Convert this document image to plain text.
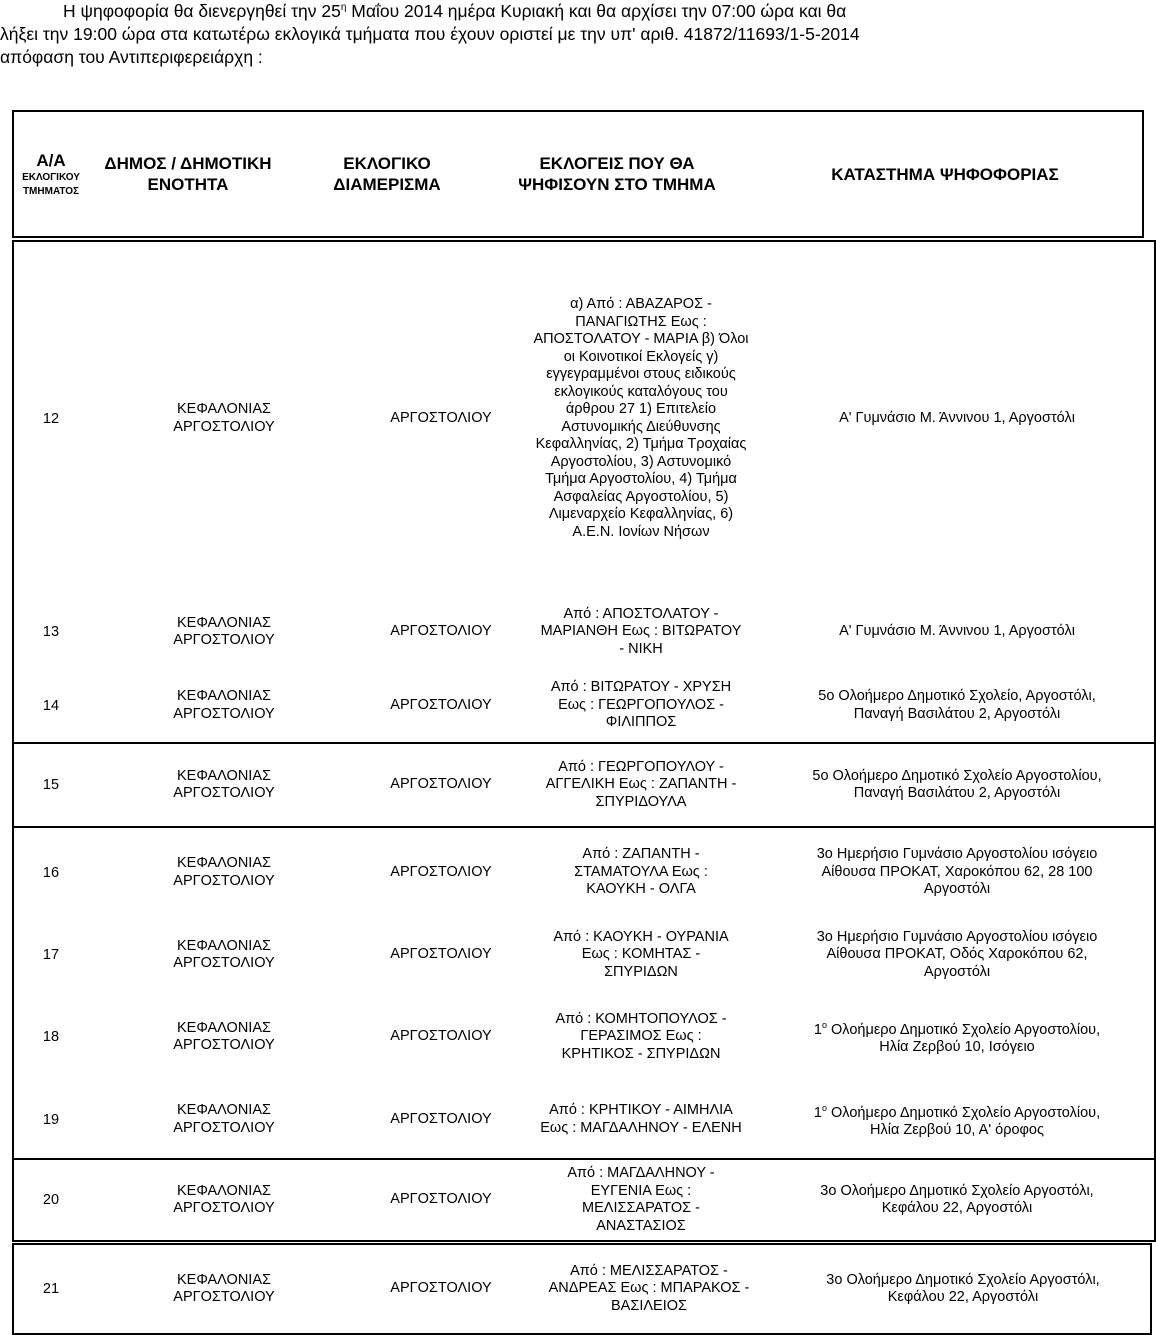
Η ψηφοφορία θα διενεργηθεί την $25^\eta$ Μαΐου 2014 ημέρα Κυριακή και θα αρχίσει την 07:00 ώρα και θα
λήξει την 19:00 ώρα στα κατωτέρω εκλογικά τμήματα που έχουν οριστεί με την υπ' αριθ. 41872/11693/1-5-2014
απόφαση του Αντιπεριφερειάρχη :
Α/Α
ΕΚΛΟΓΙΚΟΥ ΤΜΗΜΑΤΟΣ
	ΔΗΜΟΣ / ΔΗΜΟΤΙΚΗ ΕΝΟΤΗΤΑ	ΕΚΛΟΓΙΚΟ ΔΙΑΜΕΡΙΣΜΑ	ΕΚΛΟΓΕΙΣ ΠΟΥ ΘΑ ΨΗΦΙΣΟΥΝ ΣΤΟ ΤΜΗΜΑ	ΚΑΤΑΣΤΗΜΑ ΨΗΦΟΦΟΡΙΑΣ
12	ΚΕΦΑΛΟΝΙΑΣ ΑΡΓΟΣΤΟΛΙΟΥ	ΑΡΓΟΣΤΟΛΙΟΥ	α) Από : ΑΒΑΖΑΡΟΣ - ΠΑΝΑΓΙΩΤΗΣ Εως : ΑΠΟΣΤΟΛΑΤΟΥ - ΜΑΡΙΑ β) Όλοι οι Κοινοτικοί Εκλογείς γ) εγγεγραμμένοι στους ειδικούς εκλογικούς καταλόγους του άρθρου 27 1) Επιτελείο Αστυνομικής Διεύθυνσης Κεφαλληνίας, 2) Τμήμα Τροχαίας Αργοστολίου, 3) Αστυνομικό Τμήμα Αργοστολίου, 4) Τμήμα Ασφαλείας Αργοστολίου, 5) Λιμεναρχείο Κεφαλληνίας, 6) Α.Ε.Ν. Ιονίων Νήσων	Α' Γυμνάσιο Μ. Άννινου 1, Αργοστόλι
13	ΚΕΦΑΛΟΝΙΑΣ ΑΡΓΟΣΤΟΛΙΟΥ	ΑΡΓΟΣΤΟΛΙΟΥ	Από : ΑΠΟΣΤΟΛΑΤΟΥ - ΜΑΡΙΑΝΘΗ Εως : ΒΙΤΩΡΑΤΟΥ - ΝΙΚΗ	Α' Γυμνάσιο Μ. Άννινου 1, Αργοστόλι
14	ΚΕΦΑΛΟΝΙΑΣ ΑΡΓΟΣΤΟΛΙΟΥ	ΑΡΓΟΣΤΟΛΙΟΥ	Από : ΒΙΤΩΡΑΤΟΥ - ΧΡΥΣΗ Εως : ΓΕΩΡΓΟΠΟΥΛΟΣ - ΦΙΛΙΠΠΟΣ	5ο Ολοήμερο Δημοτικό Σχολείο, Αργοστόλι, Παναγή Βασιλάτου 2, Αργοστόλι
15	ΚΕΦΑΛΟΝΙΑΣ ΑΡΓΟΣΤΟΛΙΟΥ	ΑΡΓΟΣΤΟΛΙΟΥ	Από : ΓΕΩΡΓΟΠΟΥΛΟΥ - ΑΓΓΕΛΙΚΗ Εως : ΖΑΠΑΝΤΗ - ΣΠΥΡΙΔΟΥΛΑ	5ο Ολοήμερο Δημοτικό Σχολείο Αργοστολίου, Παναγή Βασιλάτου 2, Αργοστόλι
16	ΚΕΦΑΛΟΝΙΑΣ ΑΡΓΟΣΤΟΛΙΟΥ	ΑΡΓΟΣΤΟΛΙΟΥ	Από : ΖΑΠΑΝΤΗ - ΣΤΑΜΑΤΟΥΛΑ Εως : ΚΑΟΥΚΗ - ΟΛΓΑ	3ο Ημερήσιο Γυμνάσιο Αργοστολίου ισόγειο Αίθουσα ΠΡΟΚΑΤ, Χαροκόπου 62, 28 100 Αργοστόλι
17	ΚΕΦΑΛΟΝΙΑΣ ΑΡΓΟΣΤΟΛΙΟΥ	ΑΡΓΟΣΤΟΛΙΟΥ	Από : ΚΑΟΥΚΗ - ΟΥΡΑΝΙΑ Εως : ΚΟΜΗΤΑΣ - ΣΠΥΡΙΔΩΝ	3ο Ημερήσιο Γυμνάσιο Αργοστολίου ισόγειο Αίθουσα ΠΡΟΚΑΤ, Οδός Χαροκόπου 62, Αργοστόλι
18	ΚΕΦΑΛΟΝΙΑΣ ΑΡΓΟΣΤΟΛΙΟΥ	ΑΡΓΟΣΤΟΛΙΟΥ	Από : ΚΟΜΗΤΟΠΟΥΛΟΣ - ΓΕΡΑΣΙΜΟΣ Εως : ΚΡΗΤΙΚΟΣ - ΣΠΥΡΙΔΩΝ	$1^o$ Ολοήμερο Δημοτικό Σχολείο Αργοστολίου, Ηλία Ζερβού 10, Ισόγειο
19	ΚΕΦΑΛΟΝΙΑΣ ΑΡΓΟΣΤΟΛΙΟΥ	ΑΡΓΟΣΤΟΛΙΟΥ	Από : ΚΡΗΤΙΚΟΥ - ΑΙΜΗΛΙΑ Εως : ΜΑΓΔΑΛΗΝΟΥ - ΕΛΕΝΗ	$1^o$ Ολοήμερο Δημοτικό Σχολείο Αργοστολίου, Ηλία Ζερβού 10, Α' όροφος
20	ΚΕΦΑΛΟΝΙΑΣ ΑΡΓΟΣΤΟΛΙΟΥ	ΑΡΓΟΣΤΟΛΙΟΥ	Από : ΜΑΓΔΑΛΗΝΟΥ - ΕΥΓΕΝΙΑ Εως : ΜΕΛΙΣΣΑΡΑΤΟΣ - ΑΝΑΣΤΑΣΙΟΣ	3ο Ολοήμερο Δημοτικό Σχολείο Αργοστόλι, Κεφάλου 22, Αργοστόλι
21	ΚΕΦΑΛΟΝΙΑΣ ΑΡΓΟΣΤΟΛΙΟΥ	ΑΡΓΟΣΤΟΛΙΟΥ	Από : ΜΕΛΙΣΣΑΡΑΤΟΣ - ΑΝΔΡΕΑΣ Εως : ΜΠΑΡΑΚΟΣ - ΒΑΣΙΛΕΙΟΣ	3ο Ολοήμερο Δημοτικό Σχολείο Αργοστόλι, Κεφάλου 22, Αργοστόλι
